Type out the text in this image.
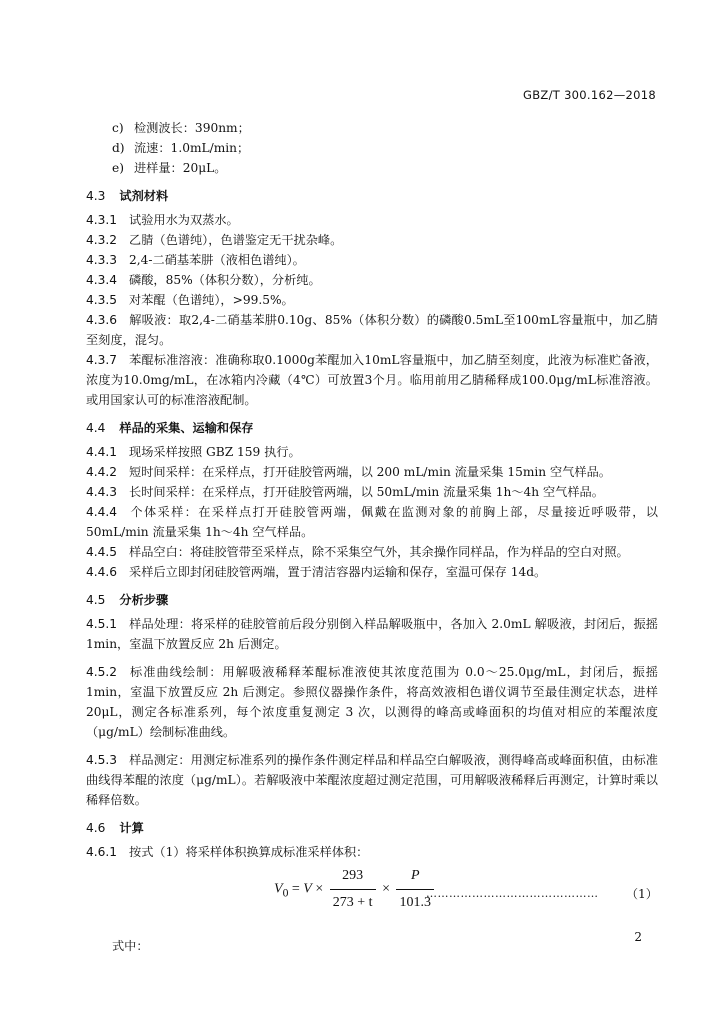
GBZ/T 300.162—2018
c) 检测波长：390nm；
d) 流速：1.0mL/min；
e) 进样量：20μL。
4.3 试剂材料
4.3.1 试验用水为双蒸水。
4.3.2 乙腈（色谱纯），色谱鉴定无干扰杂峰。
4.3.3 2,4-二硝基苯肼（液相色谱纯）。
4.3.4 磷酸，85%（体积分数），分析纯。
4.3.5 对苯醌（色谱纯），>99.5%。
4.3.6 解吸液：取2,4-二硝基苯肼0.10g、85%（体积分数）的磷酸0.5mL至100mL容量瓶中，加乙腈至刻度，混匀。
4.3.7 苯醌标准溶液：准确称取0.1000g苯醌加入10mL容量瓶中，加乙腈至刻度，此液为标准贮备液，浓度为10.0mg/mL，在冰箱内冷藏（4℃）可放置3个月。临用前用乙腈稀释成100.0μg/mL标准溶液。或用国家认可的标准溶液配制。
4.4 样品的采集、运输和保存
4.4.1 现场采样按照 GBZ 159 执行。
4.4.2 短时间采样：在采样点，打开硅胶管两端，以 200 mL/min 流量采集 15min 空气样品。
4.4.3 长时间采样：在采样点，打开硅胶管两端，以 50mL/min 流量采集 1h～4h 空气样品。
4.4.4 个体采样：在采样点打开硅胶管两端，佩戴在监测对象的前胸上部，尽量接近呼吸带，以 50mL/min 流量采集 1h～4h 空气样品。
4.4.5 样品空白：将硅胶管带至采样点，除不采集空气外，其余操作同样品，作为样品的空白对照。
4.4.6 采样后立即封闭硅胶管两端，置于清洁容器内运输和保存，室温可保存 14d。
4.5 分析步骤
4.5.1 样品处理：将采样的硅胶管前后段分别倒入样品解吸瓶中，各加入 2.0mL 解吸液，封闭后，振摇 1min，室温下放置反应 2h 后测定。
4.5.2 标准曲线绘制：用解吸液稀释苯醌标准液使其浓度范围为 0.0～25.0μg/mL，封闭后，振摇 1min，室温下放置反应 2h 后测定。参照仪器操作条件，将高效液相色谱仪调节至最佳测定状态，进样 20μL，测定各标准系列，每个浓度重复测定 3 次，以测得的峰高或峰面积的均值对相应的苯醌浓度（μg/mL）绘制标准曲线。
4.5.3 样品测定：用测定标准系列的操作条件测定样品和样品空白解吸液，测得峰高或峰面积值，由标准曲线得苯醌的浓度（μg/mL）。若解吸液中苯醌浓度超过测定范围，可用解吸液稀释后再测定，计算时乘以稀释倍数。
4.6 计算
4.6.1 按式（1）将采样体积换算成标准采样体积：
$V_0 = V \times \frac{293}{273 + t} \times \frac{P}{101.3}$
……………………………………… （1）
式中：
2
